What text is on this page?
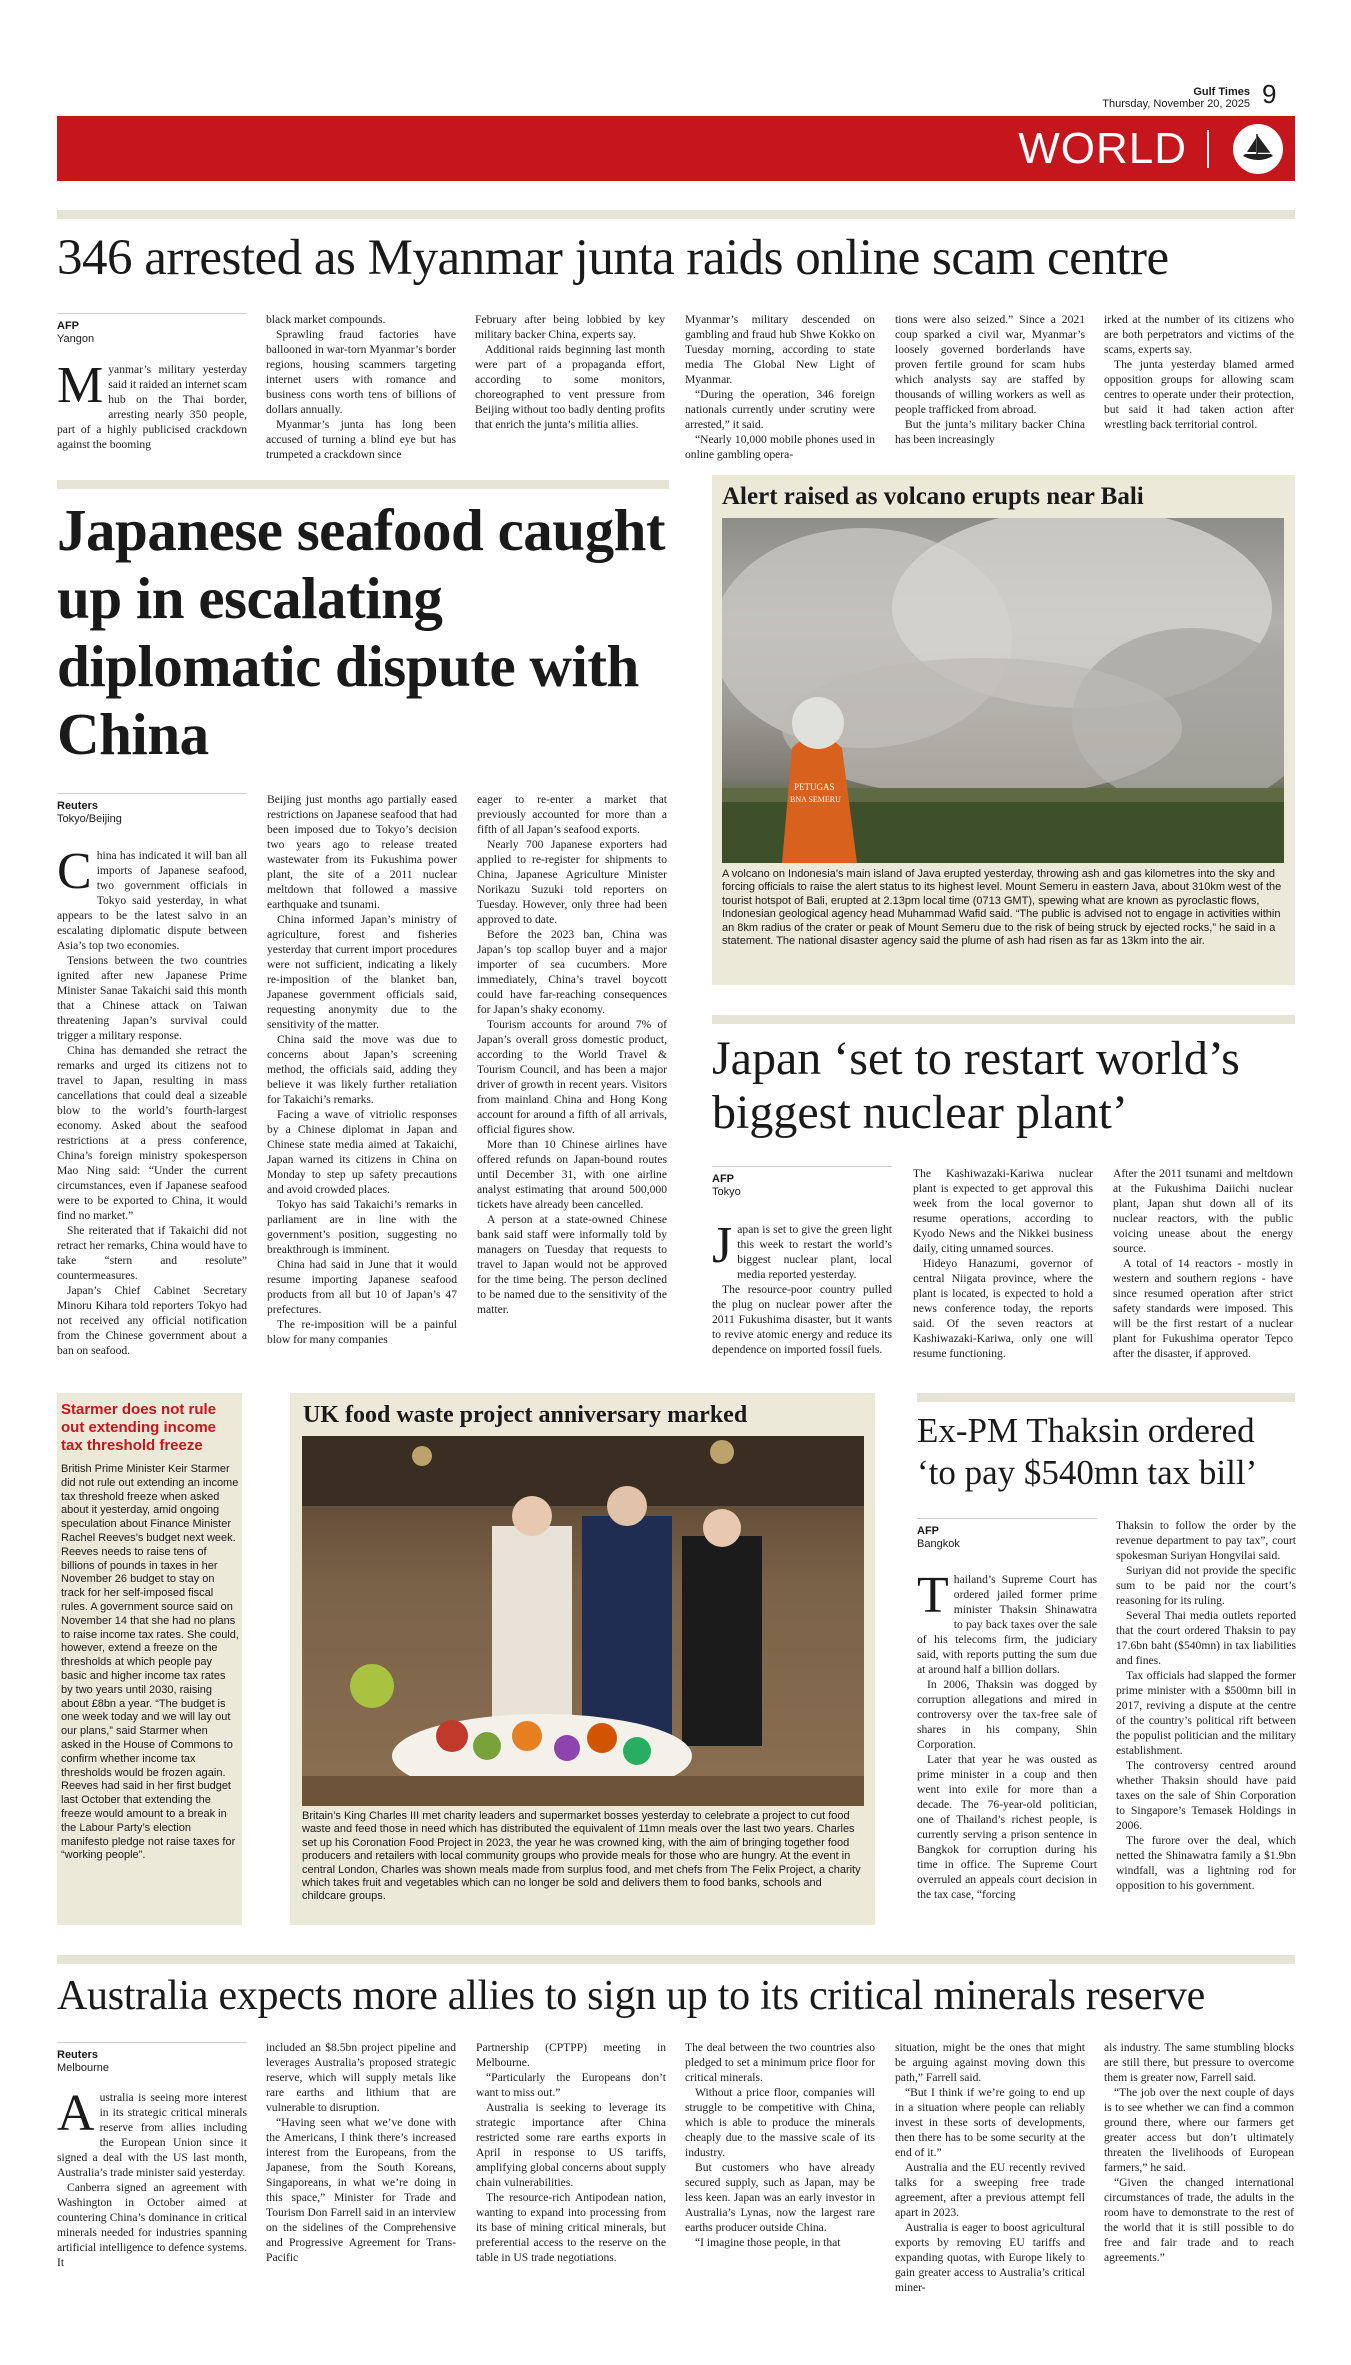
Gulf Times
Thursday, November 20, 2025 9
WORLD
346 arrested as Myanmar junta raids online scam centre
AFP
Yangon
Myanmar’s military yesterday said it raided an internet scam hub on the Thai border, arresting nearly 350 people, part of a highly publicised crackdown against the booming

black market compounds.

Sprawling fraud factories have ballooned in war-torn Myanmar’s border regions, housing scammers targeting internet users with romance and business cons worth tens of billions of dollars annually.

Myanmar’s junta has long been accused of turning a blind eye but has trumpeted a crackdown since

February after being lobbied by key military backer China, experts say.

Additional raids beginning last month were part of a propaganda effort, according to some monitors, choreographed to vent pressure from Beijing without too badly denting profits that enrich the junta’s militia allies.

Myanmar’s military descended on gambling and fraud hub Shwe Kokko on Tuesday morning, according to state media The Global New Light of Myanmar.

“During the operation, 346 foreign nationals currently under scrutiny were arrested,” it said.

“Nearly 10,000 mobile phones used in online gambling opera-

tions were also seized.” Since a 2021 coup sparked a civil war, Myanmar’s loosely governed borderlands have proven fertile ground for scam hubs which analysts say are staffed by thousands of willing workers as well as people trafficked from abroad.

But the junta’s military backer China has been increasingly

irked at the number of its citizens who are both perpetrators and victims of the scams, experts say.

The junta yesterday blamed armed opposition groups for allowing scam centres to operate under their protection, but said it had taken action after wrestling back territorial control.

Japanese seafood caught up in escalating diplomatic dispute with China
Reuters
Tokyo/Beijing

China has indicated it will ban all imports of Japanese seafood, two government officials in Tokyo said yesterday, in what appears to be the latest salvo in an escalating diplomatic dispute between Asia’s top two economies.

Tensions between the two countries ignited after new Japanese Prime Minister Sanae Takaichi said this month that a Chinese attack on Taiwan threatening Japan’s survival could trigger a military response.

China has demanded she retract the remarks and urged its citizens not to travel to Japan, resulting in mass cancellations that could deal a sizeable blow to the world’s fourth-largest economy. Asked about the seafood restrictions at a press conference, China’s foreign ministry spokesperson Mao Ning said: “Under the current circumstances, even if Japanese seafood were to be exported to China, it would find no market.”

She reiterated that if Takaichi did not retract her remarks, China would have to take “stern and resolute” countermeasures.

Japan’s Chief Cabinet Secretary Minoru Kihara told reporters Tokyo had not received any official notification from the Chinese government about a ban on seafood.

Beijing just months ago partially eased restrictions on Japanese seafood that had been imposed due to Tokyo’s decision two years ago to release treated wastewater from its Fukushima power plant, the site of a 2011 nuclear meltdown that followed a massive earthquake and tsunami.

China informed Japan’s ministry of agriculture, forest and fisheries yesterday that current import procedures were not sufficient, indicating a likely re-imposition of the blanket ban, Japanese government officials said, requesting anonymity due to the sensitivity of the matter.

China said the move was due to concerns about Japan’s screening method, the officials said, adding they believe it was likely further retaliation for Takaichi’s remarks.

Facing a wave of vitriolic responses by a Chinese diplomat in Japan and Chinese state media aimed at Takaichi, Japan warned its citizens in China on Monday to step up safety precautions and avoid crowded places.

Tokyo has said Takaichi’s remarks in parliament are in line with the government’s position, suggesting no breakthrough is imminent.

China had said in June that it would resume importing Japanese seafood products from all but 10 of Japan’s 47 prefectures.

The re-imposition will be a painful blow for many companies

eager to re-enter a market that previously accounted for more than a fifth of all Japan’s seafood exports.

Nearly 700 Japanese exporters had applied to re-register for shipments to China, Japanese Agriculture Minister Norikazu Suzuki told reporters on Tuesday. However, only three had been approved to date.

Before the 2023 ban, China was Japan’s top scallop buyer and a major importer of sea cucumbers. More immediately, China’s travel boycott could have far-reaching consequences for Japan’s shaky economy.

Tourism accounts for around 7% of Japan’s overall gross domestic product, according to the World Travel & Tourism Council, and has been a major driver of growth in recent years. Visitors from mainland China and Hong Kong account for around a fifth of all arrivals, official figures show.

More than 10 Chinese airlines have offered refunds on Japan-bound routes until December 31, with one airline analyst estimating that around 500,000 tickets have already been cancelled.

A person at a state-owned Chinese bank said staff were informally told by managers on Tuesday that requests to travel to Japan would not be approved for the time being. The person declined to be named due to the sensitivity of the matter.

Alert raised as volcano erupts near Bali
PETUGAS
BNA SEMERU
A volcano on Indonesia’s main island of Java erupted yesterday, throwing ash and gas kilometres into the sky and forcing officials to raise the alert status to its highest level. Mount Semeru in eastern Java, about 310km west of the tourist hotspot of Bali, erupted at 2.13pm local time (0713 GMT), spewing what are known as pyroclastic flows, Indonesian geological agency head Muhammad Wafid said. “The public is advised not to engage in activities within an 8km radius of the crater or peak of Mount Semeru due to the risk of being struck by ejected rocks,” he said in a statement. The national disaster agency said the plume of ash had risen as far as 13km into the air.
Japan ‘set to restart world’s biggest nuclear plant’
AFP
Tokyo

Japan is set to give the green light this week to restart the world’s biggest nuclear plant, local media reported yesterday.

The resource-poor country pulled the plug on nuclear power after the 2011 Fukushima disaster, but it wants to revive atomic energy and reduce its dependence on imported fossil fuels.

The Kashiwazaki-Kariwa nuclear plant is expected to get approval this week from the local governor to resume operations, according to Kyodo News and the Nikkei business daily, citing unnamed sources.

Hideyo Hanazumi, governor of central Niigata province, where the plant is located, is expected to hold a news conference today, the reports said. Of the seven reactors at Kashiwazaki-Kariwa, only one will resume functioning.

After the 2011 tsunami and meltdown at the Fukushima Daiichi nuclear plant, Japan shut down all of its nuclear reactors, with the public voicing unease about the energy source.

A total of 14 reactors - mostly in western and southern regions - have since resumed operation after strict safety standards were imposed. This will be the first restart of a nuclear plant for Fukushima operator Tepco after the disaster, if approved.

Starmer does not rule out extending income tax threshold freeze
British Prime Minister Keir Starmer did not rule out extending an income tax threshold freeze when asked about it yesterday, amid ongoing speculation about Finance Minister Rachel Reeves’s budget next week. Reeves needs to raise tens of billions of pounds in taxes in her November 26 budget to stay on track for her self-imposed fiscal rules. A government source said on November 14 that she had no plans to raise income tax rates. She could, however, extend a freeze on the thresholds at which people pay basic and higher income tax rates by two years until 2030, raising about £8bn a year. “The budget is one week today and we will lay out our plans,” said Starmer when asked in the House of Commons to confirm whether income tax thresholds would be frozen again. Reeves had said in her first budget last October that extending the freeze would amount to a break in the Labour Party’s election manifesto pledge not raise taxes for “working people”.
UK food waste project anniversary marked
Britain’s King Charles III met charity leaders and supermarket bosses yesterday to celebrate a project to cut food waste and feed those in need which has distributed the equivalent of 11mn meals over the last two years. Charles set up his Coronation Food Project in 2023, the year he was crowned king, with the aim of bringing together food producers and retailers with local community groups who provide meals for those who are hungry. At the event in central London, Charles was shown meals made from surplus food, and met chefs from The Felix Project, a charity which takes fruit and vegetables which can no longer be sold and delivers them to food banks, schools and childcare groups.
Ex-PM Thaksin ordered ‘to pay $540mn tax bill’
AFP
Bangkok

Thailand’s Supreme Court has ordered jailed former prime minister Thaksin Shinawatra to pay back taxes over the sale of his telecoms firm, the judiciary said, with reports putting the sum due at around half a billion dollars.

In 2006, Thaksin was dogged by corruption allegations and mired in controversy over the tax-free sale of shares in his company, Shin Corporation.

Later that year he was ousted as prime minister in a coup and then went into exile for more than a decade. The 76-year-old politician, one of Thailand’s richest people, is currently serving a prison sentence in Bangkok for corruption during his time in office. The Supreme Court overruled an appeals court decision in the tax case, “forcing

Thaksin to follow the order by the revenue department to pay tax”, court spokesman Suriyan Hongvilai said.

Suriyan did not provide the specific sum to be paid nor the court’s reasoning for its ruling.

Several Thai media outlets reported that the court ordered Thaksin to pay 17.6bn baht ($540mn) in tax liabilities and fines.

Tax officials had slapped the former prime minister with a $500mn bill in 2017, reviving a dispute at the centre of the country’s political rift between the populist politician and the military establishment.

The controversy centred around whether Thaksin should have paid taxes on the sale of Shin Corporation to Singapore’s Temasek Holdings in 2006.

The furore over the deal, which netted the Shinawatra family a $1.9bn windfall, was a lightning rod for opposition to his government.

Australia expects more allies to sign up to its critical minerals reserve
Reuters
Melbourne

Australia is seeing more interest in its strategic critical minerals reserve from allies including the European Union since it signed a deal with the US last month, Australia’s trade minister said yesterday.

Canberra signed an agreement with Washington in October aimed at countering China’s dominance in critical minerals needed for industries spanning artificial intelligence to defence systems. It

included an $8.5bn project pipeline and leverages Australia’s proposed strategic reserve, which will supply metals like rare earths and lithium that are vulnerable to disruption.

“Having seen what we’ve done with the Americans, I think there’s increased interest from the Europeans, from the Japanese, from the South Koreans, Singaporeans, in what we’re doing in this space,” Minister for Trade and Tourism Don Farrell said in an interview on the sidelines of the Comprehensive and Progressive Agreement for Trans-Pacific

Partnership (CPTPP) meeting in Melbourne.

“Particularly the Europeans don’t want to miss out.”

Australia is seeking to leverage its strategic importance after China restricted some rare earths exports in April in response to US tariffs, amplifying global concerns about supply chain vulnerabilities.

The resource-rich Antipodean nation, wanting to expand into processing from its base of mining critical minerals, but preferential access to the reserve on the table in US trade negotiations.

The deal between the two countries also pledged to set a minimum price floor for critical minerals.

Without a price floor, companies will struggle to be competitive with China, which is able to produce the minerals cheaply due to the massive scale of its industry.

But customers who have already secured supply, such as Japan, may be less keen. Japan was an early investor in Australia’s Lynas, now the largest rare earths producer outside China.

“I imagine those people, in that

situation, might be the ones that might be arguing against moving down this path,” Farrell said.

“But I think if we’re going to end up in a situation where people can reliably invest in these sorts of developments, then there has to be some security at the end of it.”

Australia and the EU recently revived talks for a sweeping free trade agreement, after a previous attempt fell apart in 2023.

Australia is eager to boost agricultural exports by removing EU tariffs and expanding quotas, with Europe likely to gain greater access to Australia’s critical miner-

als industry. The same stumbling blocks are still there, but pressure to overcome them is greater now, Farrell said.

“The job over the next couple of days is to see whether we can find a common ground there, where our farmers get greater access but don’t ultimately threaten the livelihoods of European farmers,” he said.

“Given the changed international circumstances of trade, the adults in the room have to demonstrate to the rest of the world that it is still possible to do free and fair trade and to reach agreements.”
